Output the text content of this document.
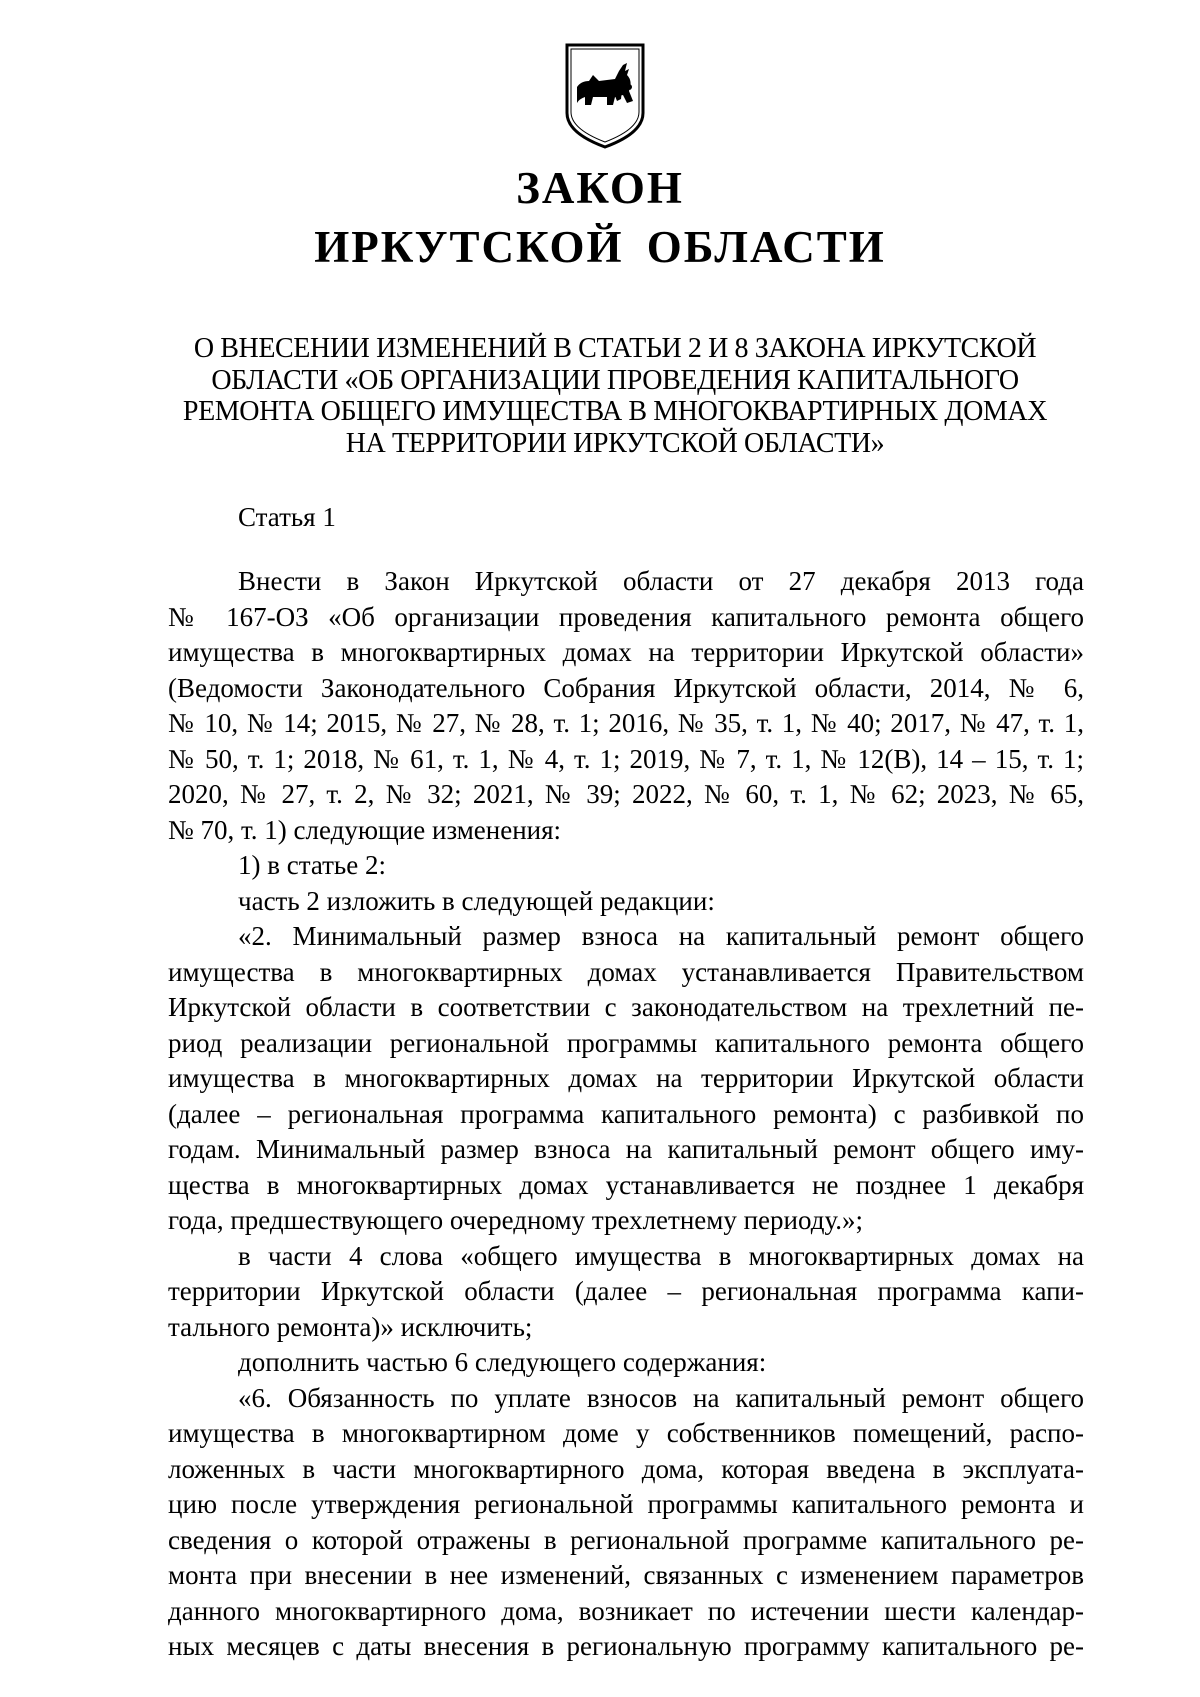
ЗАКОН
ИРКУТСКОЙ ОБЛАСТИ
О ВНЕСЕНИИ ИЗМЕНЕНИЙ В СТАТЬИ 2 И 8 ЗАКОНА ИРКУТСКОЙ
ОБЛАСТИ «ОБ ОРГАНИЗАЦИИ ПРОВЕДЕНИЯ КАПИТАЛЬНОГО
РЕМОНТА ОБЩЕГО ИМУЩЕСТВА В МНОГОКВАРТИРНЫХ ДОМАХ
НА ТЕРРИТОРИИ ИРКУТСКОЙ ОБЛАСТИ»
Статья 1
Внести в Закон Иркутской области от 27 декабря 2013 года
№ 167-ОЗ «Об организации проведения капитального ремонта общего
имущества в многоквартирных домах на территории Иркутской области»
(Ведомости Законодательного Собрания Иркутской области, 2014, № 6,
№ 10, № 14; 2015, № 27, № 28, т. 1; 2016, № 35, т. 1, № 40; 2017, № 47, т. 1,
№ 50, т. 1; 2018, № 61, т. 1, № 4, т. 1; 2019, № 7, т. 1, № 12(В), 14 – 15, т. 1;
2020, № 27, т. 2, № 32; 2021, № 39; 2022, № 60, т. 1, № 62; 2023, № 65,
№ 70, т. 1) следующие изменения:
1) в статье 2:
часть 2 изложить в следующей редакции:
«2. Минимальный размер взноса на капитальный ремонт общего
имущества в многоквартирных домах устанавливается Правительством
Иркутской области в соответствии с законодательством на трехлетний пе-
риод реализации региональной программы капитального ремонта общего
имущества в многоквартирных домах на территории Иркутской области
(далее – региональная программа капитального ремонта) с разбивкой по
годам. Минимальный размер взноса на капитальный ремонт общего иму-
щества в многоквартирных домах устанавливается не позднее 1 декабря
года, предшествующего очередному трехлетнему периоду.»;
в части 4 слова «общего имущества в многоквартирных домах на
территории Иркутской области (далее – региональная программа капи-
тального ремонта)» исключить;
дополнить частью 6 следующего содержания:
«6. Обязанность по уплате взносов на капитальный ремонт общего
имущества в многоквартирном доме у собственников помещений, распо-
ложенных в части многоквартирного дома, которая введена в эксплуата-
цию после утверждения региональной программы капитального ремонта и
сведения о которой отражены в региональной программе капитального ре-
монта при внесении в нее изменений, связанных с изменением параметров
данного многоквартирного дома, возникает по истечении шести календар-
ных месяцев с даты внесения в региональную программу капитального ре-
